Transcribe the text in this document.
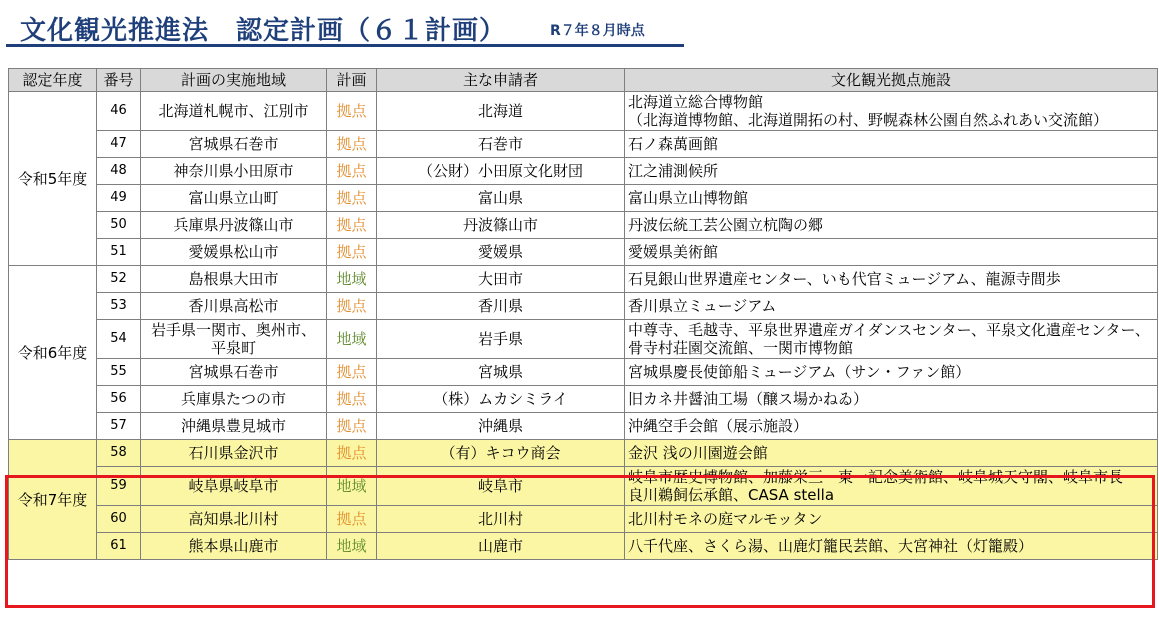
文化観光推進法　認定計画（６１計画）	R７年８月時点
認定年度	番号	計画の実施地域	計画	主な申請者	文化観光拠点施設
令和5年度	46	北海道札幌市、江別市	拠点	北海道	北海道立総合博物館
（北海道博物館、北海道開拓の村、野幌森林公園自然ふれあい交流館）
	47	宮城県石巻市	拠点	石巻市	石ノ森萬画館
	48	神奈川県小田原市	拠点	（公財）小田原文化財団	江之浦測候所
	49	富山県立山町	拠点	富山県	富山県立山博物館
	50	兵庫県丹波篠山市	拠点	丹波篠山市	丹波伝統工芸公園立杭陶の郷
	51	愛媛県松山市	拠点	愛媛県	愛媛県美術館
令和6年度	52	島根県大田市	地域	大田市	石見銀山世界遺産センター、いも代官ミュージアム、龍源寺間歩
	53	香川県高松市	拠点	香川県	香川県立ミュージアム
	54	岩手県一関市、奥州市、
平泉町	地域	岩手県	中尊寺、毛越寺、平泉世界遺産ガイダンスセンター、平泉文化遺産センター、
骨寺村荘園交流館、一関市博物館
	55	宮城県石巻市	拠点	宮城県	宮城県慶長使節船ミュージアム（サン・ファン館）
	56	兵庫県たつの市	拠点	（株）ムカシミライ	旧カネ井醤油工場（醸ス場かねゐ）
	57	沖縄県豊見城市	拠点	沖縄県	沖縄空手会館（展示施設）
令和7年度	58	石川県金沢市	拠点	（有）キコウ商会	金沢 浅の川園遊会館
	59	岐阜県岐阜市	地域	岐阜市	岐阜市歴史博物館、加藤栄三・東一記念美術館、岐阜城天守閣、岐阜市長
良川鵜飼伝承館、CASA stella
	60	高知県北川村	拠点	北川村	北川村モネの庭マルモッタン
	61	熊本県山鹿市	地域	山鹿市	八千代座、さくら湯、山鹿灯籠民芸館、大宮神社（灯籠殿）
